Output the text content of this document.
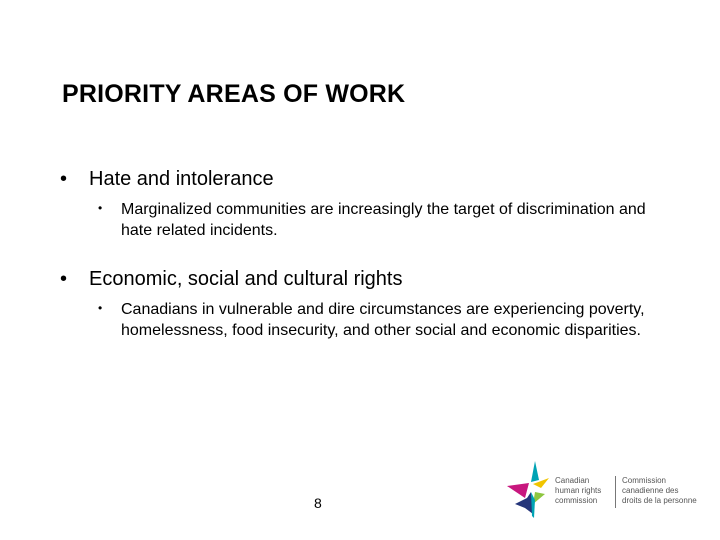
PRIORITY AREAS OF WORK
• Hate and intolerance
• Marginalized communities are increasingly the target of discrimination and hate related incidents.
• Economic, social and cultural rights
• Canadians in vulnerable and dire circumstances are experiencing poverty, homelessness, food insecurity, and other social and economic disparities.
8
Canadian
human rights
commission
Commission
canadienne des
droits de la personne
